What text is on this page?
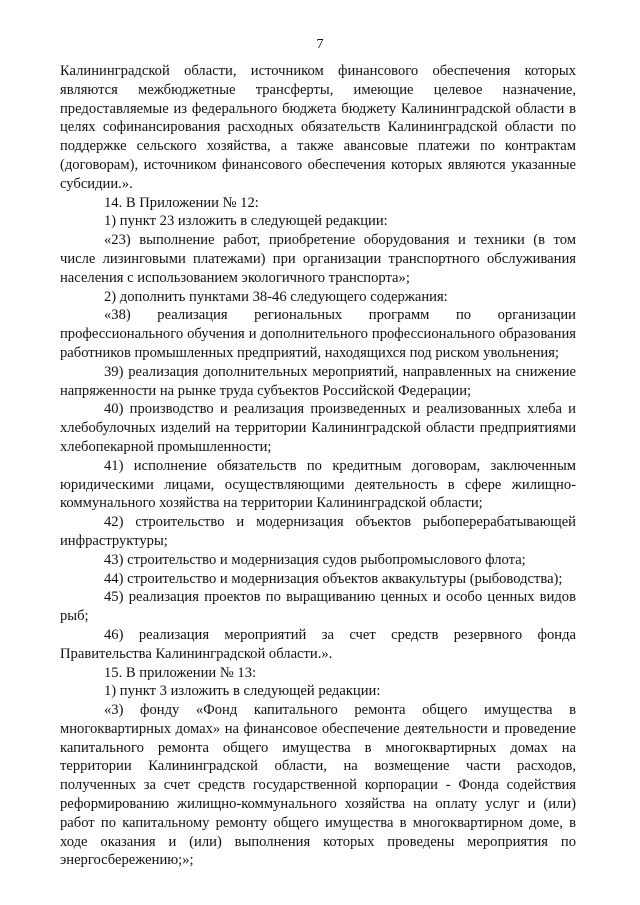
7

Калининградской области, источником финансового обеспечения которых являются межбюджетные трансферты, имеющие целевое назначение, предоставляемые из федерального бюджета бюджету Калининградской области в целях софинансирования расходных обязательств Калининградской области по поддержке сельского хозяйства, а также авансовые платежи по контрактам (договорам), источником финансового обеспечения которых являются указанные субсидии.».

14. В Приложении № 12:

1) пункт 23 изложить в следующей редакции:

«23) выполнение работ, приобретение оборудования и техники (в том числе лизинговыми платежами) при организации транспортного обслуживания населения с использованием экологичного транспорта»;

2) дополнить пунктами 38-46 следующего содержания:

«38) реализация региональных программ по организации профессионального обучения и дополнительного профессионального образования работников промышленных предприятий, находящихся под риском увольнения;

39) реализация дополнительных мероприятий, направленных на снижение напряженности на рынке труда субъектов Российской Федерации;

40) производство и реализация произведенных и реализованных хлеба и хлебобулочных изделий на территории Калининградской области предприятиями хлебопекарной промышленности;

41) исполнение обязательств по кредитным договорам, заключенным юридическими лицами, осуществляющими деятельность в сфере жилищно-коммунального хозяйства на территории Калининградской области;

42) строительство и модернизация объектов рыбоперерабатывающей инфраструктуры;

43) строительство и модернизация судов рыбопромыслового флота;

44) строительство и модернизация объектов аквакультуры (рыбоводства);

45) реализация проектов по выращиванию ценных и особо ценных видов рыб;

46) реализация мероприятий за счет средств резервного фонда Правительства Калининградской области.».

15. В приложении № 13:

1) пункт 3 изложить в следующей редакции:

«3) фонду «Фонд капитального ремонта общего имущества в многоквартирных домах» на финансовое обеспечение деятельности и проведение капитального ремонта общего имущества в многоквартирных домах на территории Калининградской области, на возмещение части расходов, полученных за счет средств государственной корпорации - Фонда содействия реформированию жилищно-коммунального хозяйства на оплату услуг и (или) работ по капитальному ремонту общего имущества в многоквартирном доме, в ходе оказания и (или) выполнения которых проведены мероприятия по энергосбережению;»;
